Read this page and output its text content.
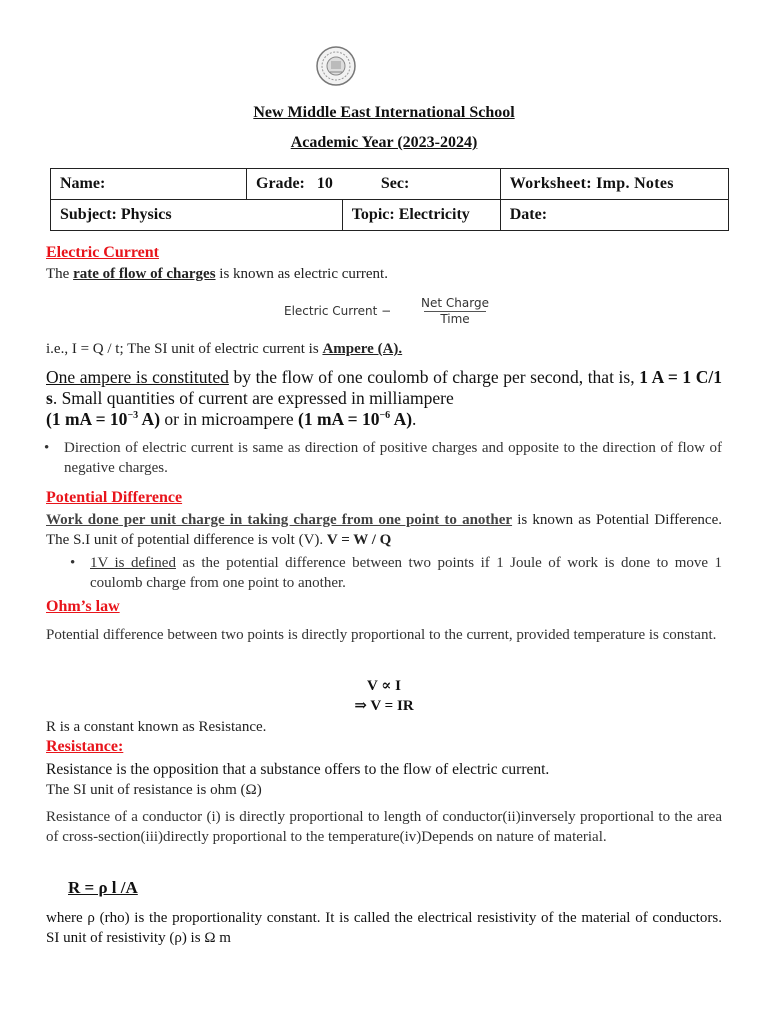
New Middle East International School
Academic Year (2023-2024)
Name:	Grade: 10 Sec:		Worksheet: Imp. Notes
Subject: Physics		Topic: Electricity	Date:
Electric Current
The rate of flow of charges is known as electric current.
Electric Current −
Net Charge
Time
i.e., I = Q / t; The SI unit of electric current is Ampere (A).
One ampere is constituted by the flow of one coulomb of charge per second, that is, 1 A = 1 C/1 s. Small quantities of current are expressed in milliampere
(1 mA = $10^{-3}$ A) or in microampere (1 mA = $10^{-6}$ A).
• Direction of electric current is same as direction of positive charges and opposite to the direction of flow of negative charges.
Potential Difference
Work done per unit charge in taking charge from one point to another is known as Potential Difference. The S.I unit of potential difference is volt (V). V = W / Q
• 1V is defined as the potential difference between two points if 1 Joule of work is done to move 1 coulomb charge from one point to another.
Ohm’s law
Potential difference between two points is directly proportional to the current, provided temperature is constant.
V ∝ I
⇒ V = IR
R is a constant known as Resistance.
Resistance:
Resistance is the opposition that a substance offers to the flow of electric current.
The SI unit of resistance is ohm (Ω)
Resistance of a conductor (i) is directly proportional to length of conductor(ii)inversely proportional to the area of cross-section(iii)directly proportional to the temperature(iv)Depends on nature of material.
R = ρ l /A
where ρ (rho) is the proportionality constant. It is called the electrical resistivity of the material of conductors. SI unit of resistivity (ρ) is Ω m
